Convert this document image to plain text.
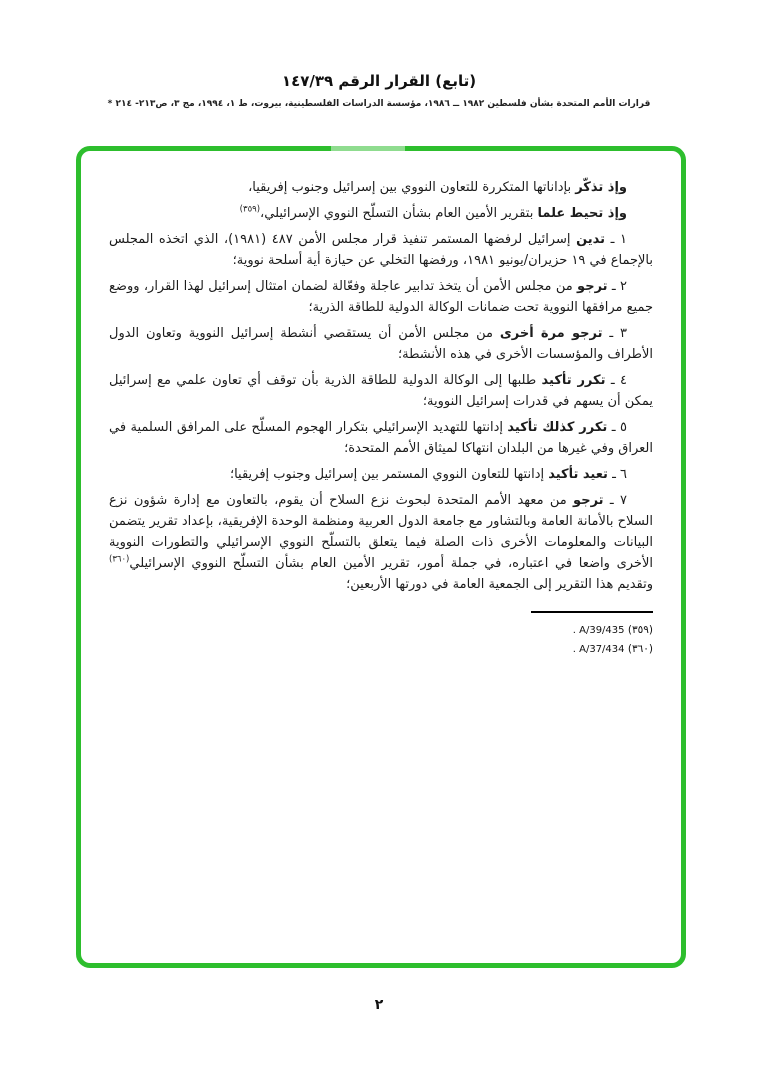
(تابع) القرار الرقم ١٤٧/٣٩
قرارات الأمم المتحدة بشأن فلسطين ١٩٨٢ ــ ١٩٨٦، مؤسسة الدراسات الفلسطينية، بيروت، ط ١، ١٩٩٤، مج ٣، ص٢١٣- ٢١٤ *

وإذ تذكّر بإداناتها المتكررة للتعاون النووي بين إسرائيل وجنوب إفريقيا،

وإذ تحيط علما بتقرير الأمين العام بشأن التسلّح النووي الإسرائيلي،$^{(٣٥٩)}$

١ ـ تدين إسرائيل لرفضها المستمر تنفيذ قرار مجلس الأمن ٤٨٧ (١٩٨١)، الذي اتخذه المجلس بالإجماع في ١٩ حزيران/يونيو ١٩٨١، ورفضها التخلي عن حيازة أية أسلحة نووية؛

٢ ـ ترجو من مجلس الأمن أن يتخذ تدابير عاجلة وفعّالة لضمان امتثال إسرائيل لهذا القرار، ووضع جميع مرافقها النووية تحت ضمانات الوكالة الدولية للطاقة الذرية؛

٣ ـ ترجو مرة أخرى من مجلس الأمن أن يستقصي أنشطة إسرائيل النووية وتعاون الدول الأطراف والمؤسسات الأخرى في هذه الأنشطة؛

٤ ـ تكرر تأكيد طلبها إلى الوكالة الدولية للطاقة الذرية بأن توقف أي تعاون علمي مع إسرائيل يمكن أن يسهم في قدرات إسرائيل النووية؛

٥ ـ تكرر كذلك تأكيد إدانتها للتهديد الإسرائيلي بتكرار الهجوم المسلّح على المرافق السلمية في العراق وفي غيرها من البلدان انتهاكا لميثاق الأمم المتحدة؛

٦ ـ تعيد تأكيد إدانتها للتعاون النووي المستمر بين إسرائيل وجنوب إفريقيا؛

٧ ـ ترجو من معهد الأمم المتحدة لبحوث نزع السلاح أن يقوم، بالتعاون مع إدارة شؤون نزع السلاح بالأمانة العامة وبالتشاور مع جامعة الدول العربية ومنظمة الوحدة الإفريقية، بإعداد تقرير يتضمن البيانات والمعلومات الأخرى ذات الصلة فيما يتعلق بالتسلّح النووي الإسرائيلي والتطورات النووية الأخرى واضعا في اعتباره، في جملة أمور، تقرير الأمين العام بشأن التسلّح النووي الإسرائيلي$^{(٣٦٠)}$ وتقديم هذا التقرير إلى الجمعية العامة في دورتها الأربعين؛

(٣٥٩) A/39/435 .
(٣٦٠) A/37/434 .
٢
